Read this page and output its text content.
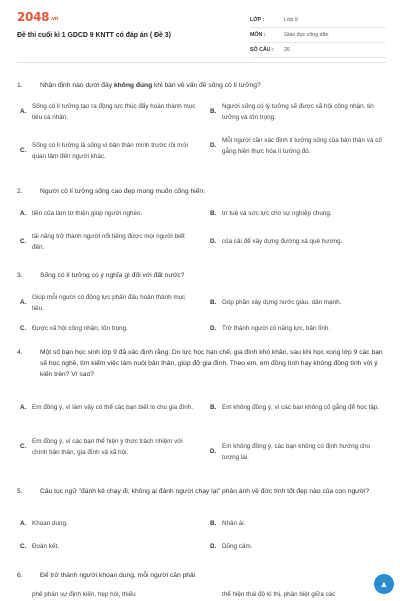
2048.vn
Đề thi cuối kì 1 GDCD 9 KNTT có đáp án ( Đề 3)
LỚP :	Lớp 9
MÔN :	Giáo dục công dân
SỐ CÂU :	26
1.	Nhận định nào dưới đây không đúng khi bàn về vấn đề sống có lí tưởng?
A.
Sống có lí tưởng tạo ra động lực thúc đẩy hoàn thành mục tiêu cá nhân.
B.
Người sống có lý tưởng sẽ được xã hội công nhận, tin tưởng và tôn trọng.
C.
Sống có lí tưởng là sống vì bản thân mình trước rồi mới quan tâm đến người khác.
D.
Mỗi người cần xác định lí tưởng sống của bản thân và cố gắng hiện thực hóa lí tưởng đó.
2.	Người có lí tưởng sống cao đẹp mong muốn cống hiến:
A. tiền của làm từ thiện giúp người nghèo.	B. trí tuệ và sức lực cho sự nghiệp chung.
C.
tài năng trở thành người nổi tiếng được mọi người biết đến.
D. của cải để xây dựng đường xá quê hương.
3.	Sống có lí tưởng có ý nghĩa gì đối với đất nước?
A.
Giúp mỗi người có động lực phấn đấu hoàn thành mục tiêu.
B. Góp phần xây dựng nước giàu, dân mạnh.
C. Được xã hội công nhận, tôn trọng.	D. Trở thành người có năng lực, bản lĩnh.
4.	Một số bạn học sinh lớp 9 đã xác định rằng: Do lực học hạn chế, gia đình khó khăn, sau khi học xong lớp 9 các bạn sẽ học nghề, tìm kiếm việc làm nuôi bản thân, giúp đỡ gia đình. Theo em, em đồng tình hay không đồng tình với ý kiến trên? Vì sao?
A. Em đồng ý, vì làm vậy có thể các bạn biết lo cho gia đình.	B. Em không đồng ý, vì các bạn không cố gắng để học tập.
C.
Em đồng ý, vì các bạn thể hiện ý thức trách nhiệm với chính bản thân, gia đình và xã hội.	D.
Em không đồng ý, các bạn không có định hướng cho tương lai.
5.	Câu tục ngữ "đánh kẻ chạy đi, không ai đánh người chạy lại" phản ánh về đức tính tốt đẹp nào của con người?
A. Khoan dung.	B. Nhân ái.
C. Đoàn kết.	D. Dũng cảm.
6.	Để trở thành người khoan dung, mỗi người cần phải
phê phán sự định kiến, hẹp hòi, thiếu	thể hiện thái độ kì thị, phân biệt giữa các
▲
